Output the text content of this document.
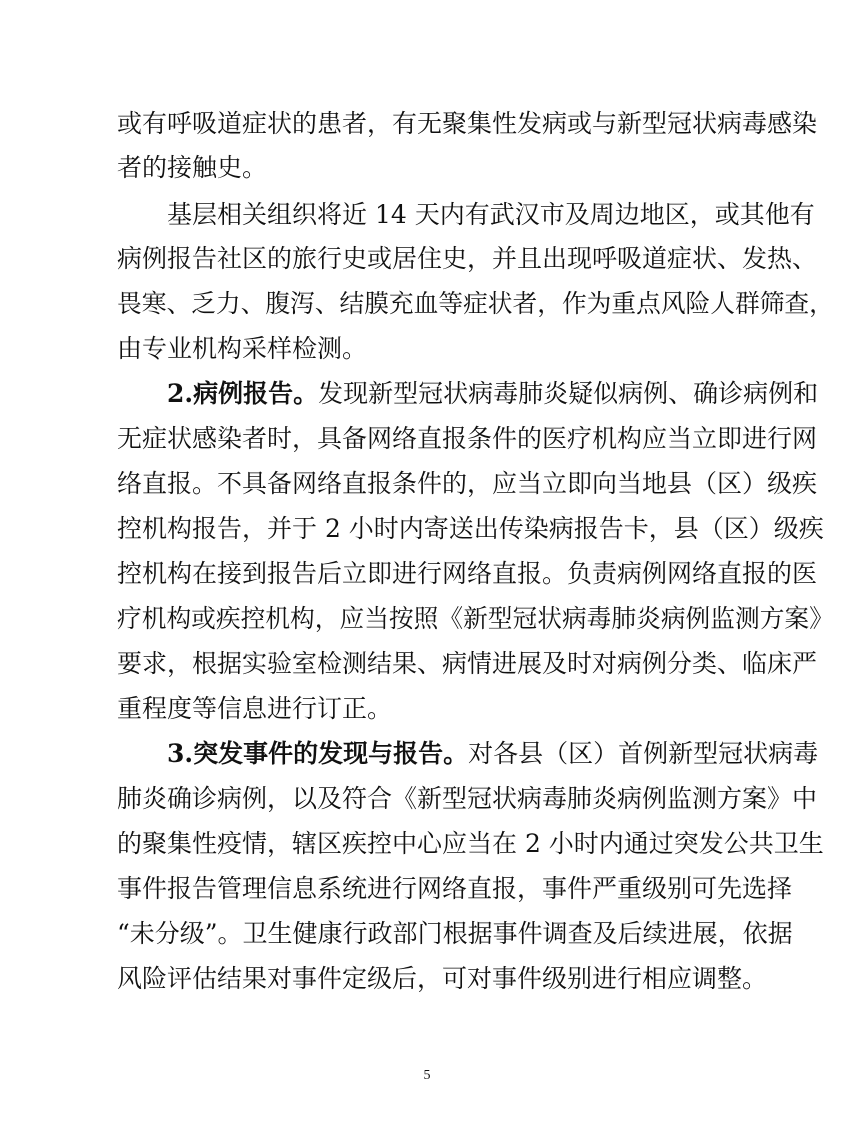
或有呼吸道症状的患者，有无聚集性发病或与新型冠状病毒感染
者的接触史。
基层相关组织将近 14 天内有武汉市及周边地区，或其他有
病例报告社区的旅行史或居住史，并且出现呼吸道症状、发热、
畏寒、乏力、腹泻、结膜充血等症状者，作为重点风险人群筛查，
由专业机构采样检测。
2.病例报告。发现新型冠状病毒肺炎疑似病例、确诊病例和
无症状感染者时，具备网络直报条件的医疗机构应当立即进行网
络直报。不具备网络直报条件的，应当立即向当地县（区）级疾
控机构报告，并于 2 小时内寄送出传染病报告卡，县（区）级疾
控机构在接到报告后立即进行网络直报。负责病例网络直报的医
疗机构或疾控机构，应当按照《新型冠状病毒肺炎病例监测方案》
要求，根据实验室检测结果、病情进展及时对病例分类、临床严
重程度等信息进行订正。
3.突发事件的发现与报告。对各县（区）首例新型冠状病毒
肺炎确诊病例，以及符合《新型冠状病毒肺炎病例监测方案》中
的聚集性疫情，辖区疾控中心应当在 2 小时内通过突发公共卫生
事件报告管理信息系统进行网络直报，事件严重级别可先选择
“未分级”。卫生健康行政部门根据事件调查及后续进展，依据
风险评估结果对事件定级后，可对事件级别进行相应调整。
5
